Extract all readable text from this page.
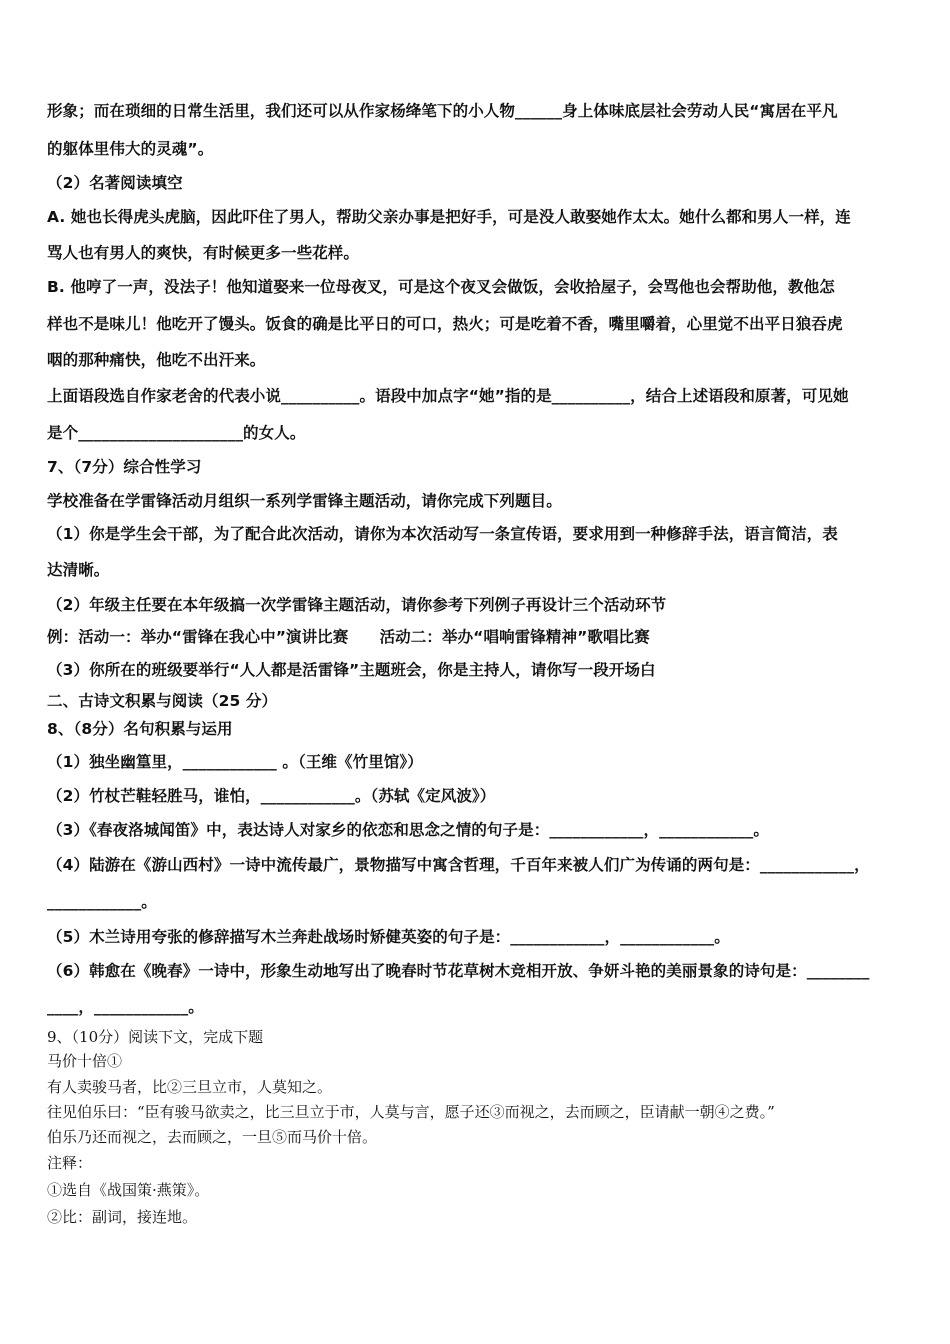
形象；而在琐细的日常生活里，我们还可以从作家杨绛笔下的小人物______身上体味底层社会劳动人民“寓居在平凡
的躯体里伟大的灵魂”。
（2）名著阅读填空
A. 她也长得虎头虎脑，因此吓住了男人，帮助父亲办事是把好手，可是没人敢娶她作太太。她什么都和男人一样，连
骂人也有男人的爽快，有时候更多一些花样。
B. 他哼了一声，没法子！他知道娶来一位母夜叉，可是这个夜叉会做饭，会收拾屋子，会骂他也会帮助他，教他怎
样也不是味儿！他吃开了馒头。饭食的确是比平日的可口，热火；可是吃着不香，嘴里嚼着，心里觉不出平日狼吞虎
咽的那种痛快，他吃不出汗来。
上面语段选自作家老舍的代表小说__________。语段中加点字“她”指的是__________，结合上述语段和原著，可见她
是个_____________________的女人。
7、（7分）综合性学习
学校准备在学雷锋活动月组织一系列学雷锋主题活动，请你完成下列题目。
（1）你是学生会干部，为了配合此次活动，请你为本次活动写一条宣传语，要求用到一种修辞手法，语言简洁，表
达清晰。
（2）年级主任要在本年级搞一次学雷锋主题活动，请你参考下列例子再设计三个活动环节
例：活动一：举办“雷锋在我心中”演讲比赛　　活动二：举办“唱响雷锋精神”歌唱比赛
（3）你所在的班级要举行“人人都是活雷锋”主题班会，你是主持人，请你写一段开场白
二、古诗文积累与阅读（25 分）
8、（8分）名句积累与运用
（1）独坐幽篁里，____________ 。（王维《竹里馆》）
（2）竹杖芒鞋轻胜马，谁怕，____________。（苏轼《定风波》）
（3）《春夜洛城闻笛》中，表达诗人对家乡的依恋和思念之情的句子是：____________，____________。
（4）陆游在《游山西村》一诗中流传最广，景物描写中寓含哲理，千百年来被人们广为传诵的两句是：____________，
____________。
（5）木兰诗用夸张的修辞描写木兰奔赴战场时矫健英姿的句子是：____________，____________。
（6）韩愈在《晚春》一诗中，形象生动地写出了晚春时节花草树木竞相开放、争妍斗艳的美丽景象的诗句是：________
____，____________。
9、（10分）阅读下文，完成下题
马价十倍①
有人卖骏马者，比②三旦立市，人莫知之。
往见伯乐曰：“臣有骏马欲卖之，比三旦立于市，人莫与言，愿子还③而视之，去而顾之，臣请献一朝④之费。”
伯乐乃还而视之，去而顾之，一旦⑤而马价十倍。
注释：
①选自《战国策·燕策》。
②比：副词，接连地。
